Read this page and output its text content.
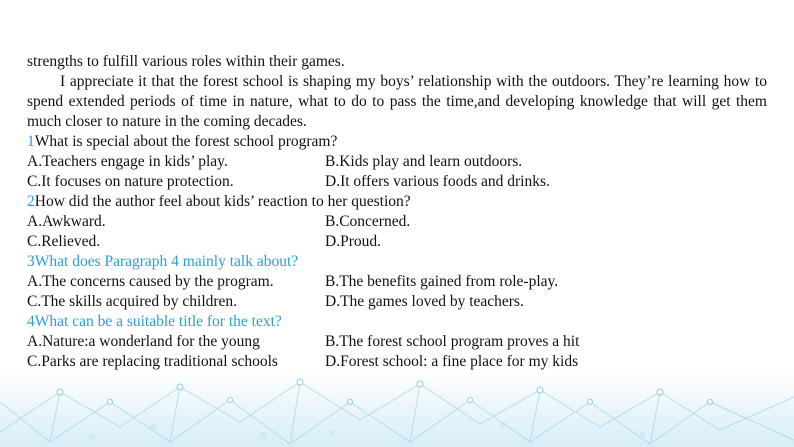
strengths to fulfill various roles within their games.

I appreciate it that the forest school is shaping my boys’ relationship with the outdoors. They’re learning how to spend extended periods of time in nature, what to do to pass the time,and developing knowledge that will get them much closer to nature in the coming decades.

1What is special about the forest school program?

A.Teachers engage in kids’ play.	B.Kids play and learn outdoors.
C.It focuses on nature protection.	D.It offers various foods and drinks.

2How did the author feel about kids’ reaction to her question?

A.Awkward.	B.Concerned.
C.Relieved.	D.Proud.

3What does Paragraph 4 mainly talk about?

A.The concerns caused by the program.	B.The benefits gained from role-play.
C.The skills acquired by children.	D.The games loved by teachers.

4What can be a suitable title for the text?

A.Nature:a wonderland for the young	B.The forest school program proves a hit
C.Parks are replacing traditional schools	D.Forest school: a fine place for my kids
